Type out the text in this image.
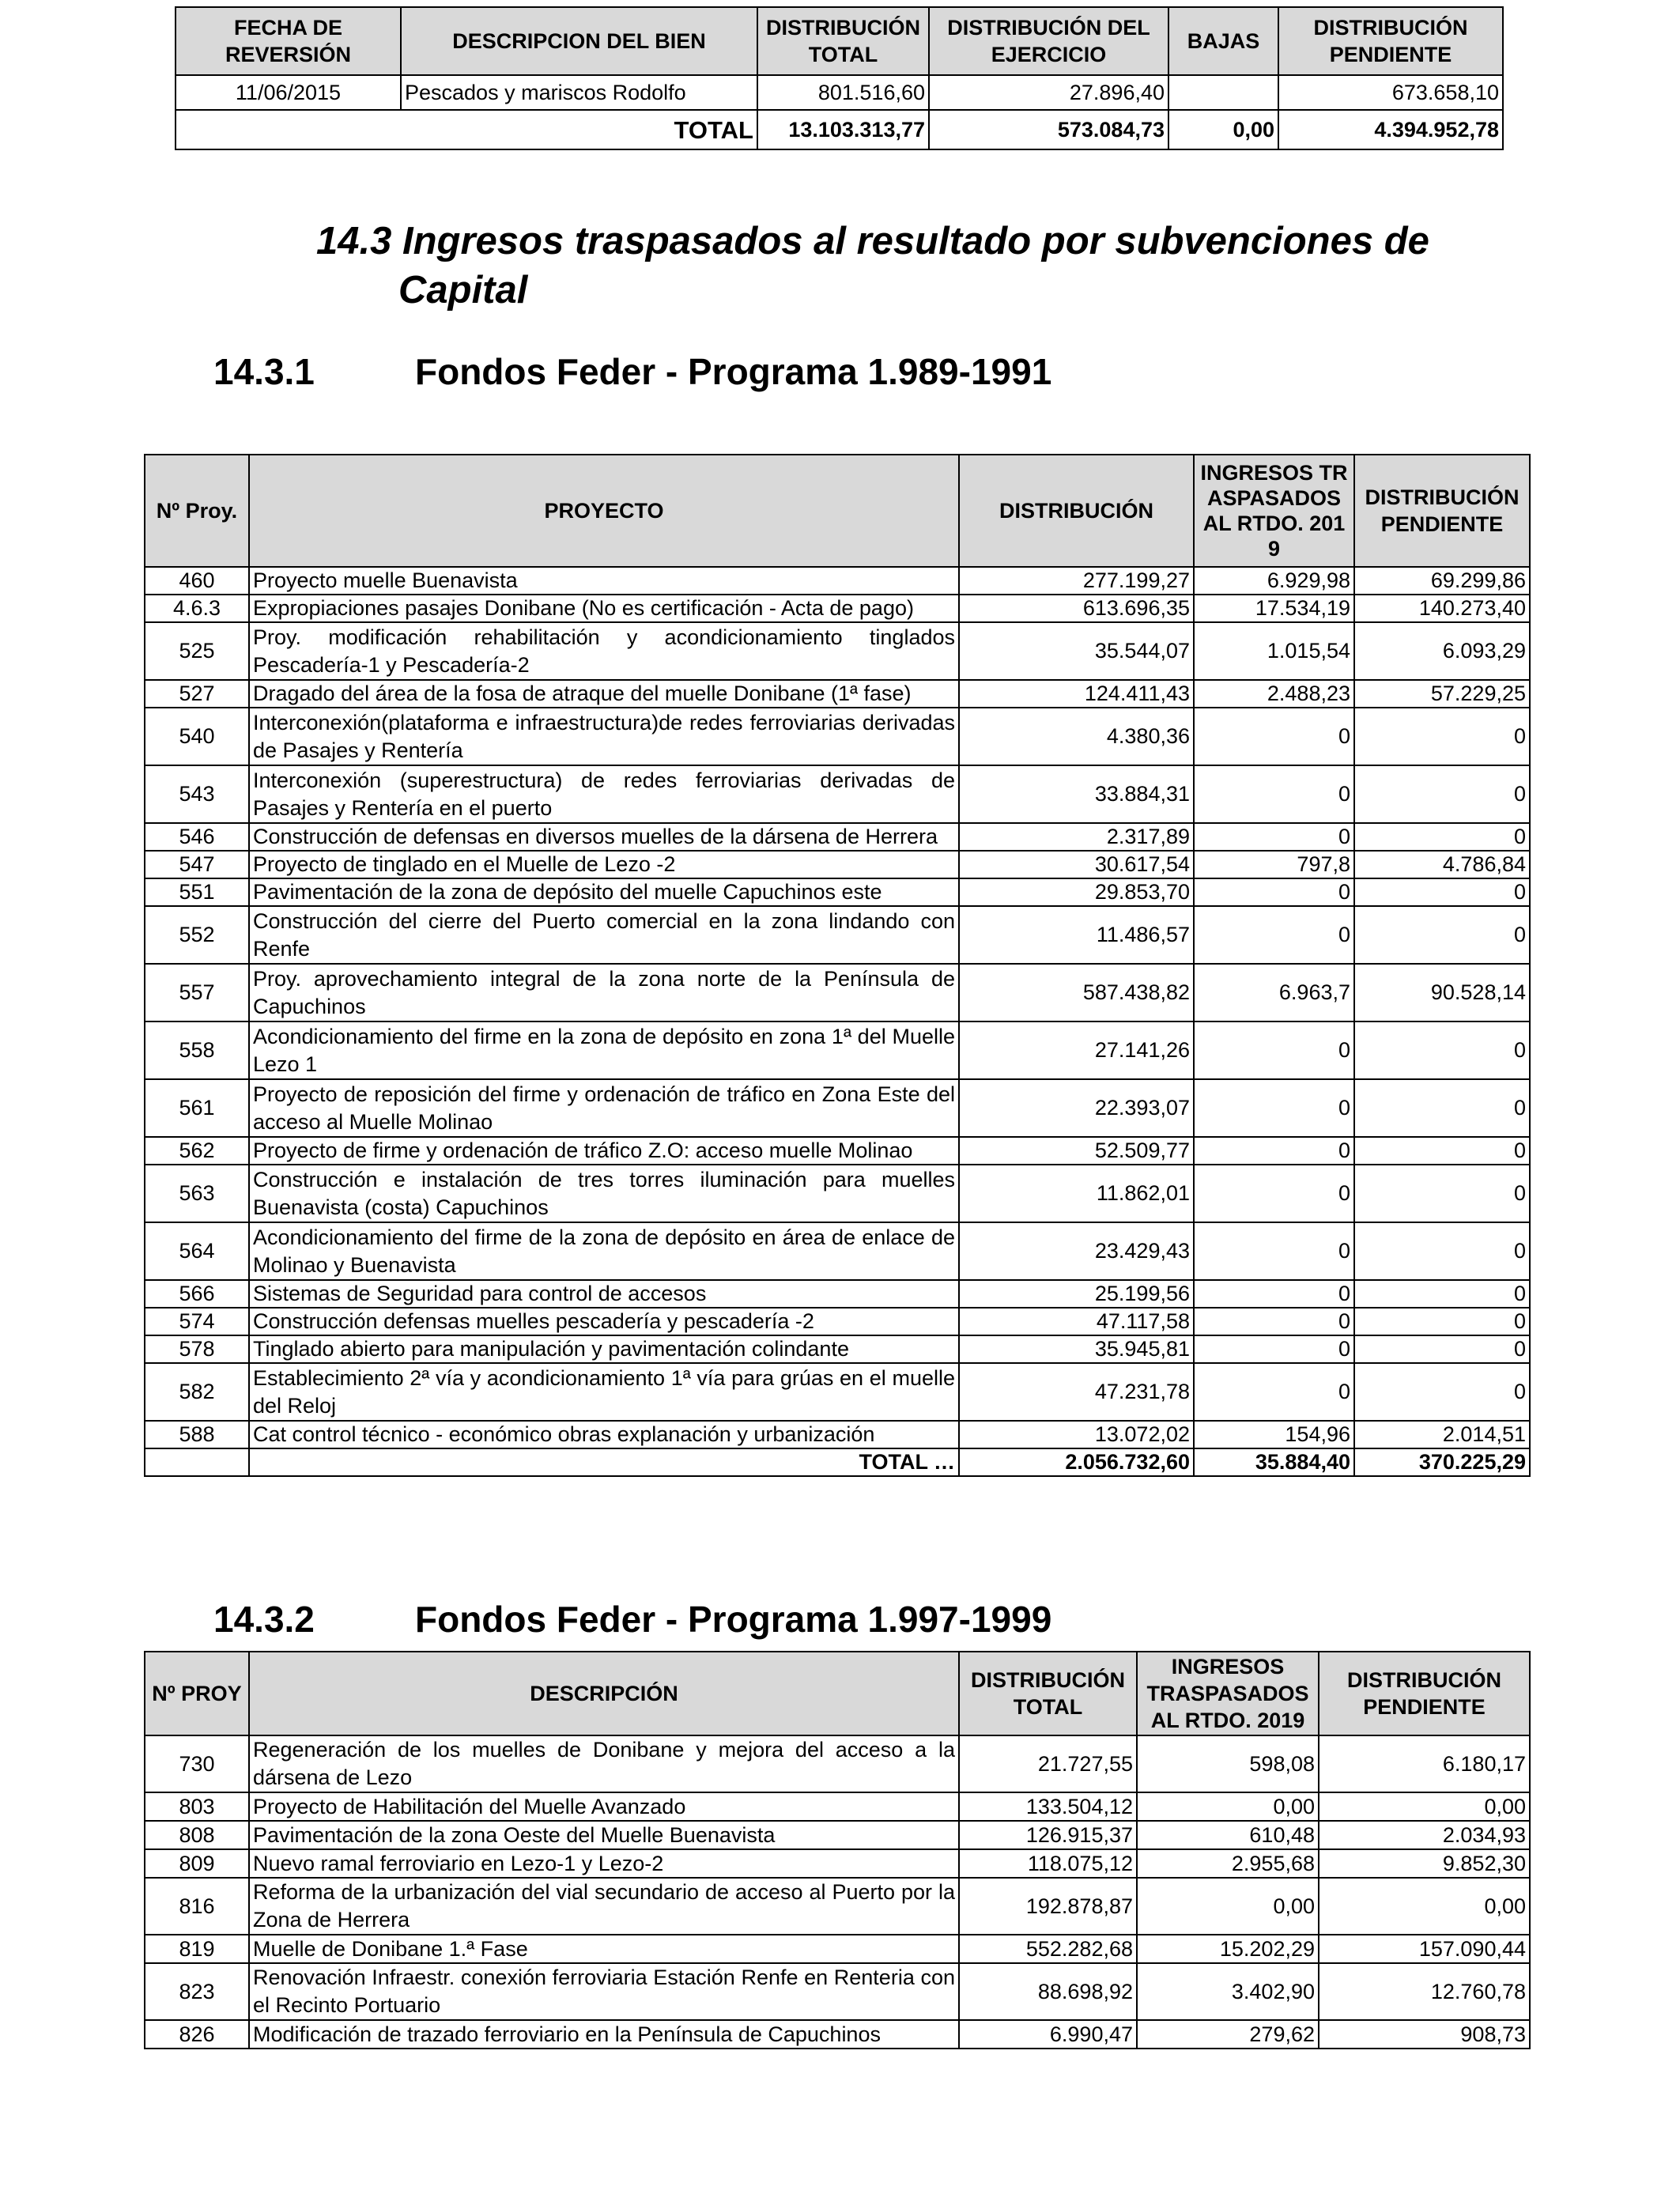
FECHA DE REVERSIÓN	DESCRIPCION DEL BIEN	DISTRIBUCIÓN TOTAL	DISTRIBUCIÓN DEL EJERCICIO	BAJAS	DISTRIBUCIÓN PENDIENTE
11/06/2015	Pescados y mariscos Rodolfo	801.516,60	27.896,40		673.658,10
TOTAL		13.103.313,77	573.084,73	0,00	4.394.952,78
14.3 Ingresos traspasados al resultado por subvenciones de
Capital
14.3.1	Fondos Feder - Programa 1.989-1991
Nº Proy.	PROYECTO	DISTRIBUCIÓN	INGRESOS TRASPASADOS AL RTDO. 2019	DISTRIBUCIÓN PENDIENTE
460	Proyecto muelle Buenavista	277.199,27	6.929,98	69.299,86
4.6.3	Expropiaciones pasajes Donibane (No es certificación - Acta de pago)	613.696,35	17.534,19	140.273,40
525	Proy. modificación rehabilitación y acondicionamiento tinglados Pescadería-1 y Pescadería-2	35.544,07	1.015,54	6.093,29
527	Dragado del área de la fosa de atraque del muelle Donibane (1ª fase)	124.411,43	2.488,23	57.229,25
540	Interconexión(plataforma e infraestructura)de redes ferroviarias derivadas de Pasajes y Rentería	4.380,36	0	0
543	Interconexión (superestructura) de redes ferroviarias derivadas de Pasajes y Rentería en el puerto	33.884,31	0	0
546	Construcción de defensas en diversos muelles de la dársena de Herrera	2.317,89	0	0
547	Proyecto de tinglado en el Muelle de Lezo -2	30.617,54	797,8	4.786,84
551	Pavimentación de la zona de depósito del muelle Capuchinos este	29.853,70	0	0
552	Construcción del cierre del Puerto comercial en la zona lindando con Renfe	11.486,57	0	0
557	Proy. aprovechamiento integral de la zona norte de la Península de Capuchinos	587.438,82	6.963,7	90.528,14
558	Acondicionamiento del firme en la zona de depósito en zona 1ª del Muelle Lezo 1	27.141,26	0	0
561	Proyecto de reposición del firme y ordenación de tráfico en Zona Este del acceso al Muelle Molinao	22.393,07	0	0
562	Proyecto de firme y ordenación de tráfico Z.O: acceso muelle Molinao	52.509,77	0	0
563	Construcción e instalación de tres torres iluminación para muelles Buenavista (costa) Capuchinos	11.862,01	0	0
564	Acondicionamiento del firme de la zona de depósito en área de enlace de Molinao y Buenavista	23.429,43	0	0
566	Sistemas de Seguridad para control de accesos	25.199,56	0	0
574	Construcción defensas muelles pescadería y pescadería -2	47.117,58	0	0
578	Tinglado abierto para manipulación y pavimentación colindante	35.945,81	0	0
582	Establecimiento 2ª vía y acondicionamiento 1ª vía para grúas en el muelle del Reloj	47.231,78	0	0
588	Cat control técnico - económico obras explanación y urbanización	13.072,02	154,96	2.014,51
	TOTAL …	2.056.732,60	35.884,40	370.225,29
14.3.2	Fondos Feder - Programa 1.997-1999
Nº PROY	DESCRIPCIÓN	DISTRIBUCIÓN TOTAL	INGRESOS TRASPASADOS AL RTDO. 2019	DISTRIBUCIÓN PENDIENTE
730	Regeneración de los muelles de Donibane y mejora del acceso a la dársena de Lezo	21.727,55	598,08	6.180,17
803	Proyecto de Habilitación del Muelle Avanzado	133.504,12	0,00	0,00
808	Pavimentación de la zona Oeste del Muelle Buenavista	126.915,37	610,48	2.034,93
809	Nuevo ramal ferroviario en Lezo-1 y Lezo-2	118.075,12	2.955,68	9.852,30
816	Reforma de la urbanización del vial secundario de acceso al Puerto por la Zona de Herrera	192.878,87	0,00	0,00
819	Muelle de Donibane 1.ª Fase	552.282,68	15.202,29	157.090,44
823	Renovación Infraestr. conexión ferroviaria Estación Renfe en Renteria con el Recinto Portuario	88.698,92	3.402,90	12.760,78
826	Modificación de trazado ferroviario en la Península de Capuchinos	6.990,47	279,62	908,73
